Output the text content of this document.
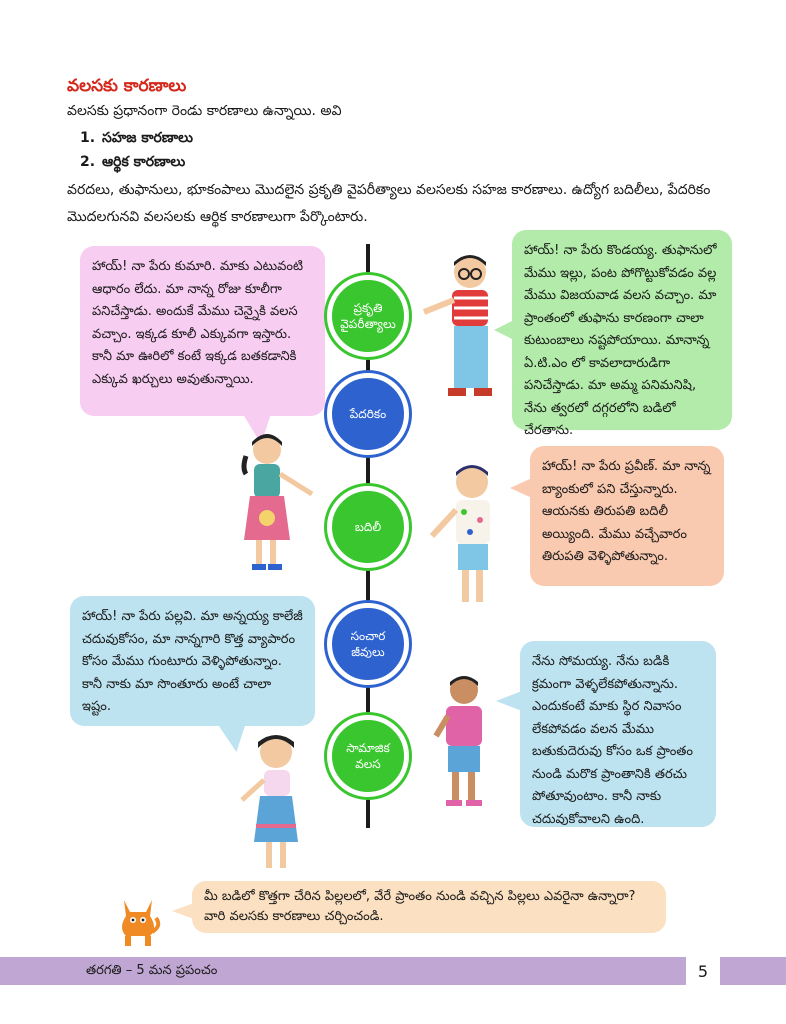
వలసకు కారణాలు
వలసకు ప్రధానంగా రెండు కారణాలు ఉన్నాయి. అవి
1. సహజ కారణాలు
2. ఆర్థిక కారణాలు
వరదలు, తుఫానులు, భూకంపాలు మొదలైన ప్రకృతి వైపరీత్యాలు వలసలకు సహజ కారణాలు. ఉద్యోగ బదిలీలు, పేదరికం మొదలగునవి వలసలకు ఆర్థిక కారణాలుగా పేర్కొంటారు.
హాయ్! నా పేరు కుమారి. మాకు ఎటువంటి ఆధారం లేదు. మా నాన్న రోజు కూలీగా పనిచేస్తాడు. అందుకే మేము చెన్నైకి వలస వచ్చాం. ఇక్కడ కూలీ ఎక్కువగా ఇస్తారు. కానీ మా ఊరిలో కంటే ఇక్కడ బతకడానికి ఎక్కువ ఖర్చులు అవుతున్నాయి.
హాయ్! నా పేరు కొండయ్య. తుఫానులో మేము ఇల్లు, పంట పోగొట్టుకోవడం వల్ల మేము విజయవాడ వలస వచ్చాం. మా ప్రాంతంలో తుఫాను కారణంగా చాలా కుటుంబాలు నష్టపోయాయి. మానాన్న ఏ.టి.ఎం లో కావలాదారుడిగా పనిచేస్తాడు. మా అమ్మ పనిమనిషి, నేను త్వరలో దగ్గరలోని బడిలో చేరతాను.
హాయ్! నా పేరు ప్రవీణ్. మా నాన్న బ్యాంకులో పని చేస్తున్నారు. ఆయనకు తిరుపతి బదిలీ అయ్యింది. మేము వచ్చేవారం తిరుపతి వెళ్ళిపోతున్నాం.
హాయ్! నా పేరు పల్లవి. మా అన్నయ్య కాలేజీ చదువుకోసం, మా నాన్నగారి కొత్త వ్యాపారం కోసం మేము గుంటూరు వెళ్ళిపోతున్నాం. కానీ నాకు మా సొంతూరు అంటే చాలా ఇష్టం.
నేను సోమయ్య. నేను బడికి క్రమంగా వెళ్ళలేకపోతున్నాను. ఎందుకంటే మాకు స్థిర నివాసం లేకపోవడం వలన మేము బతుకుదెరువు కోసం ఒక ప్రాంతం నుండి మరొక ప్రాంతానికి తరచు పోతూవుంటాం. కానీ నాకు చదువుకోవాలని ఉంది.
మీ బడిలో కొత్తగా చేరిన పిల్లలలో, వేరే ప్రాంతం నుండి వచ్చిన పిల్లలు ఎవరైనా ఉన్నారా? వారి వలసకు కారణాలు చర్చించండి.
ప్రకృతి వైపరీత్యాలు
పేదరికం
బదిలీ
సంచార జీవులు
సామాజిక వలస
తరగతి – 5 మన ప్రపంచం	5
